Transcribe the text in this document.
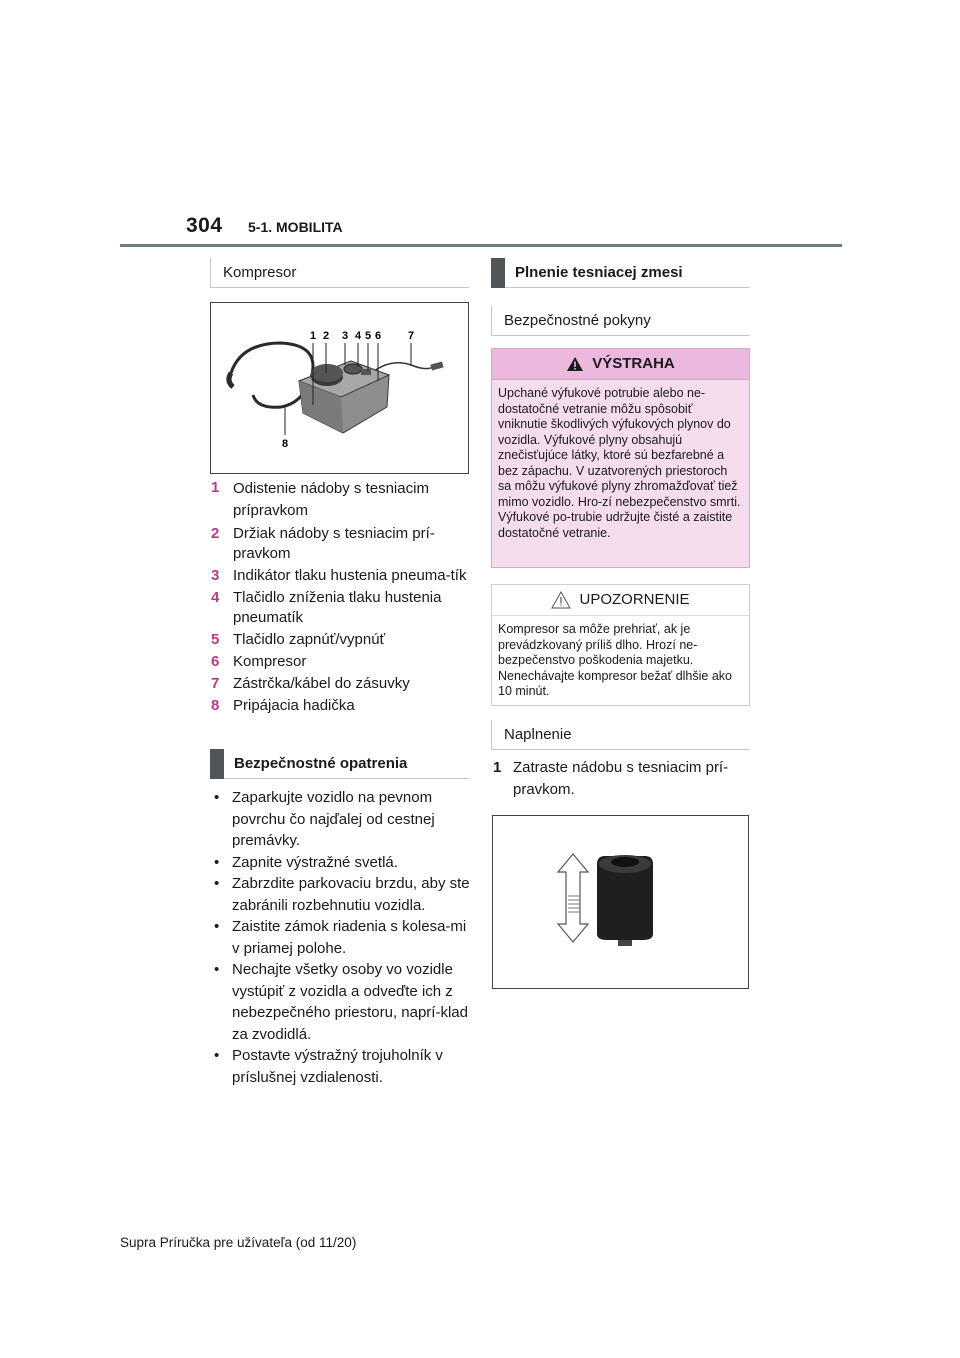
304 5-1. MOBILITA
Kompresor
1 2 3 4 5 6 7
8
1 Odistenie nádoby s tesniacim prípravkom
2 Držiak nádoby s tesniacim prí-pravkom
3 Indikátor tlaku hustenia pneuma-tík
4 Tlačidlo zníženia tlaku hustenia pneumatík
5 Tlačidlo zapnúť/vypnúť
6 Kompresor
7 Zástrčka/kábel do zásuvky
8 Pripájacia hadička
Bezpečnostné opatrenia
• Zaparkujte vozidlo na pevnom povrchu čo najďalej od cestnej premávky.
• Zapnite výstražné svetlá.
• Zabrzdite parkovaciu brzdu, aby ste zabránili rozbehnutiu vozidla.
• Zaistite zámok riadenia s kolesa-mi v priamej polohe.
• Nechajte všetky osoby vo vozidle vystúpiť z vozidla a odveďte ich z nebezpečného priestoru, naprí-klad za zvodidlá.
• Postavte výstražný trojuholník v príslušnej vzdialenosti.
Plnenie tesniacej zmesi
Bezpečnostné pokyny
VÝSTRAHA
Upchané výfukové potrubie alebo ne-dostatočné vetranie môžu spôsobiť vniknutie škodlivých výfukových plynov do vozidla. Výfukové plyny obsahujú znečisťujúce látky, ktoré sú bezfarebné a bez zápachu. V uzatvorených priestoroch sa môžu výfukové plyny zhromažďovať tiež mimo vozidlo. Hro-zí nebezpečenstvo smrti. Výfukové po-trubie udržujte čisté a zaistite dostatočné vetranie.
UPOZORNENIE
Kompresor sa môže prehriať, ak je prevádzkovaný príliš dlho. Hrozí ne-bezpečenstvo poškodenia majetku. Nenechávajte kompresor bežať dlhšie ako 10 minút.
Naplnenie
1 Zatraste nádobu s tesniacim prí-pravkom.
Supra Príručka pre užívateľa (od 11/20)
